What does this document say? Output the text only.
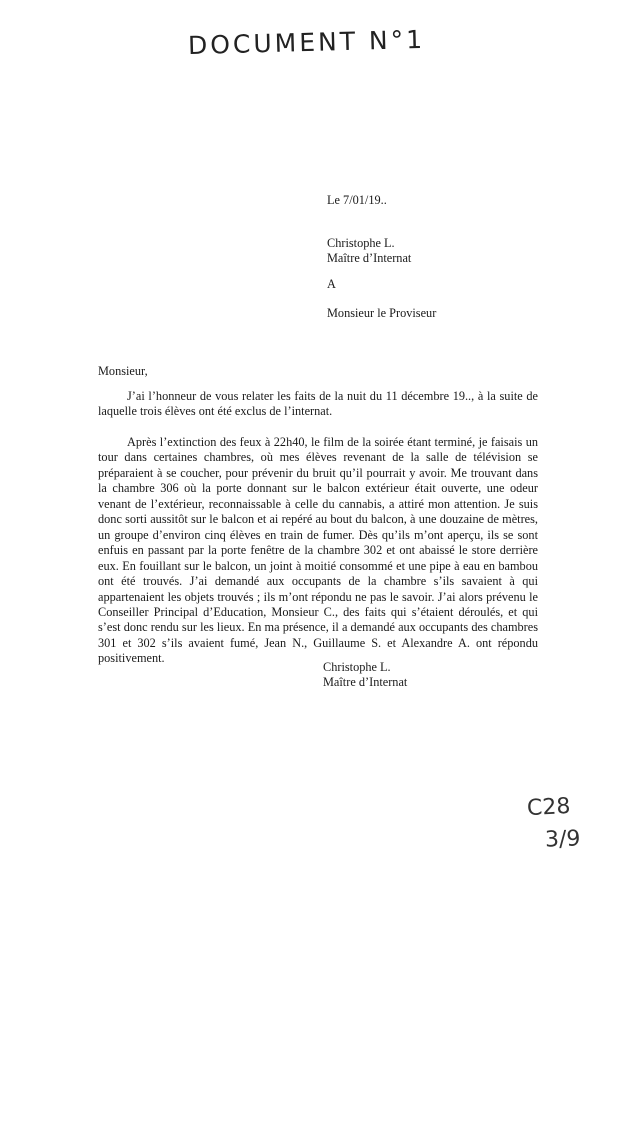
DOCUMENT N°1
Le 7/01/19..
Christophe L.
Maître d’Internat
A
Monsieur le Proviseur
Monsieur,
J’ai l’honneur de vous relater les faits de la nuit du 11 décembre 19.., à la suite de laquelle trois élèves ont été exclus de l’internat.
Après l’extinction des feux à 22h40, le film de la soirée étant terminé, je faisais un tour dans certaines chambres, où mes élèves revenant de la salle de télévision se préparaient à se coucher, pour prévenir du bruit qu’il pourrait y avoir. Me trouvant dans la chambre 306 où la porte donnant sur le balcon extérieur était ouverte, une odeur venant de l’extérieur, reconnaissable à celle du cannabis, a attiré mon attention. Je suis donc sorti aussitôt sur le balcon et ai repéré au bout du balcon, à une douzaine de mètres, un groupe d’environ cinq élèves en train de fumer. Dès qu’ils m’ont aperçu, ils se sont enfuis en passant par la porte fenêtre de la chambre 302 et ont abaissé le store derrière eux. En fouillant sur le balcon, un joint à moitié consommé et une pipe à eau en bambou ont été trouvés. J’ai demandé aux occupants de la chambre s’ils savaient à qui appartenaient les objets trouvés ; ils m’ont répondu ne pas le savoir. J’ai alors prévenu le Conseiller Principal d’Education, Monsieur C., des faits qui s’étaient déroulés, et qui s’est donc rendu sur les lieux. En ma présence, il a demandé aux occupants des chambres 301 et 302 s’ils avaient fumé, Jean N., Guillaume S. et Alexandre A. ont répondu positivement.
Christophe L.
Maître d’Internat
C28
3/9
